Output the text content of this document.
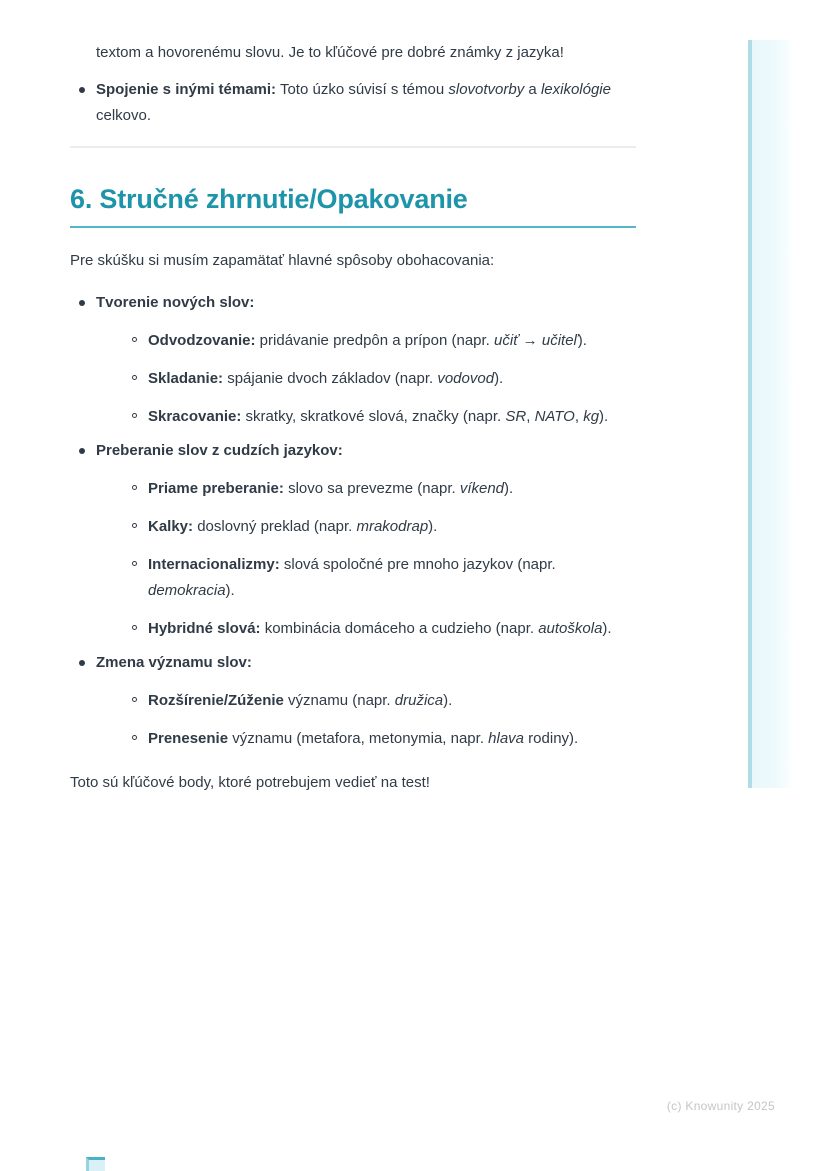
textom a hovorenému slovu. Je to kľúčové pre dobré známky z jazyka!

Spojenie s inými témami: Toto úzko súvisí s témou slovotvorby a lexikológie celkovo.
6. Stručné zhrnutie/Opakovanie

Pre skúšku si musím zapamätať hlavné spôsoby obohacovania:

Tvorenie nových slov:
Odvodzovanie: pridávanie predpôn a prípon (napr. učiť → učiteľ).
Skladanie: spájanie dvoch základov (napr. vodovod).
Skracovanie: skratky, skratkové slová, značky (napr. SR, NATO, kg).
Preberanie slov z cudzích jazykov:
Priame preberanie: slovo sa prevezme (napr. víkend).
Kalky: doslovný preklad (napr. mrakodrap).
Internacionalizmy: slová spoločné pre mnoho jazykov (napr. demokracia).
Hybridné slová: kombinácia domáceho a cudzieho (napr. autoškola).
Zmena významu slov:
Rozšírenie/Zúženie významu (napr. družica).
Prenesenie významu (metafora, metonymia, napr. hlava rodiny).

Toto sú kľúčové body, ktoré potrebujem vedieť na test!

(c) Knowunity 2025
